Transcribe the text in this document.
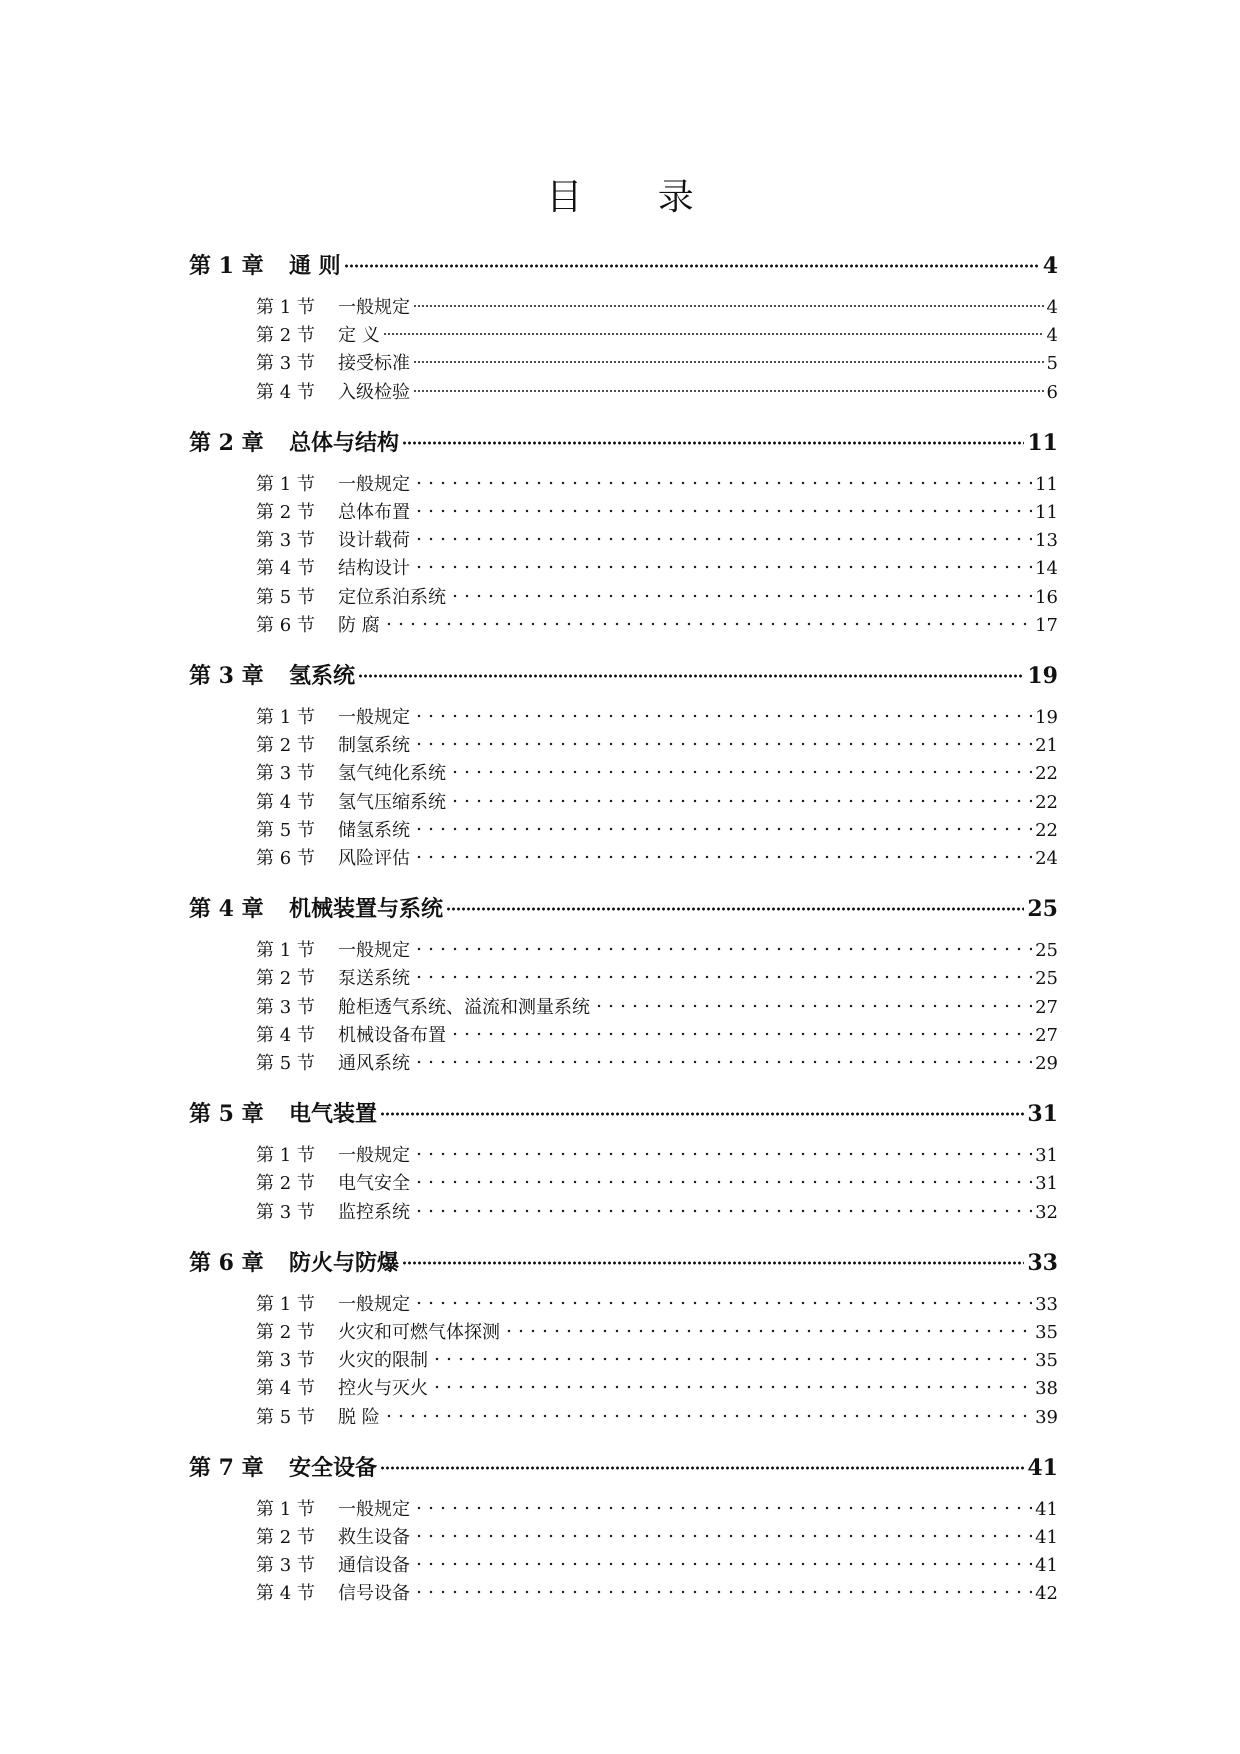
目 录
第 1 章	通 则	4
第 1 节	一般规定	4
第 2 节	定 义	4
第 3 节	接受标准	5
第 4 节	入级检验	6
第 2 章	总体与结构	11
第 1 节	一般规定	11
第 2 节	总体布置	11
第 3 节	设计载荷	13
第 4 节	结构设计	14
第 5 节	定位系泊系统	16
第 6 节	防 腐	17
第 3 章	氢系统	19
第 1 节	一般规定	19
第 2 节	制氢系统	21
第 3 节	氢气纯化系统	22
第 4 节	氢气压缩系统	22
第 5 节	储氢系统	22
第 6 节	风险评估	24
第 4 章	机械装置与系统	25
第 1 节	一般规定	25
第 2 节	泵送系统	25
第 3 节	舱柜透气系统、溢流和测量系统	27
第 4 节	机械设备布置	27
第 5 节	通风系统	29
第 5 章	电气装置	31
第 1 节	一般规定	31
第 2 节	电气安全	31
第 3 节	监控系统	32
第 6 章	防火与防爆	33
第 1 节	一般规定	33
第 2 节	火灾和可燃气体探测	35
第 3 节	火灾的限制	35
第 4 节	控火与灭火	38
第 5 节	脱 险	39
第 7 章	安全设备	41
第 1 节	一般规定	41
第 2 节	救生设备	41
第 3 节	通信设备	41
第 4 节	信号设备	42
